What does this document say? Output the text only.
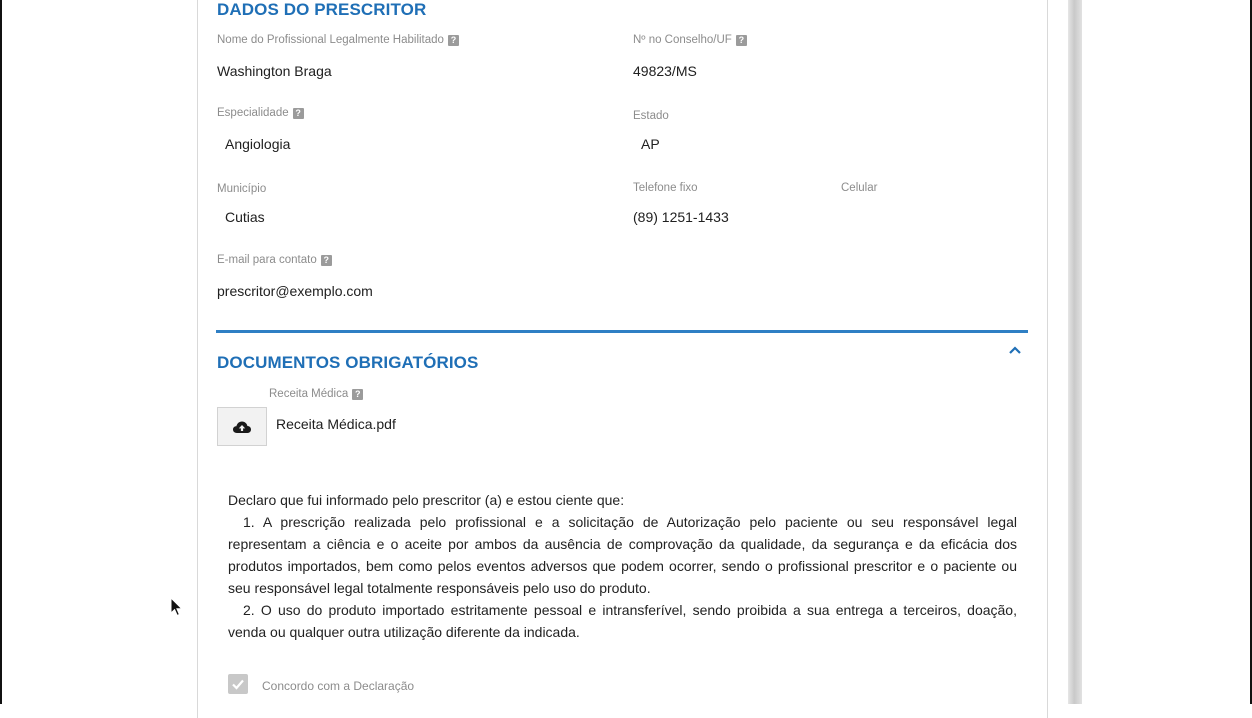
DADOS DO PRESCRITOR
Nome do Profissional Legalmente Habilitado ?
Washington Braga
Nº no Conselho/UF ?
49823/MS
Especialidade ?
Angiologia
Estado
AP
Município
Cutias
Telefone fixo
(89) 1251-1433
Celular
E-mail para contato ?
prescritor@exemplo.com
DOCUMENTOS OBRIGATÓRIOS
Receita Médica ?
Receita Médica.pdf

Declaro que fui informado pelo prescritor (a) e estou ciente que:

1. A prescrição realizada pelo profissional e a solicitação de Autorização pelo paciente ou seu responsável legal representam a ciência e o aceite por ambos da ausência de comprovação da qualidade, da segurança e da eficácia dos produtos importados, bem como pelos eventos adversos que podem ocorrer, sendo o profissional prescritor e o paciente ou seu responsável legal totalmente responsáveis pelo uso do produto.

2. O uso do produto importado estritamente pessoal e intransferível, sendo proibida a sua entrega a terceiros, doação, venda ou qualquer outra utilização diferente da indicada.

Concordo com a Declaração
